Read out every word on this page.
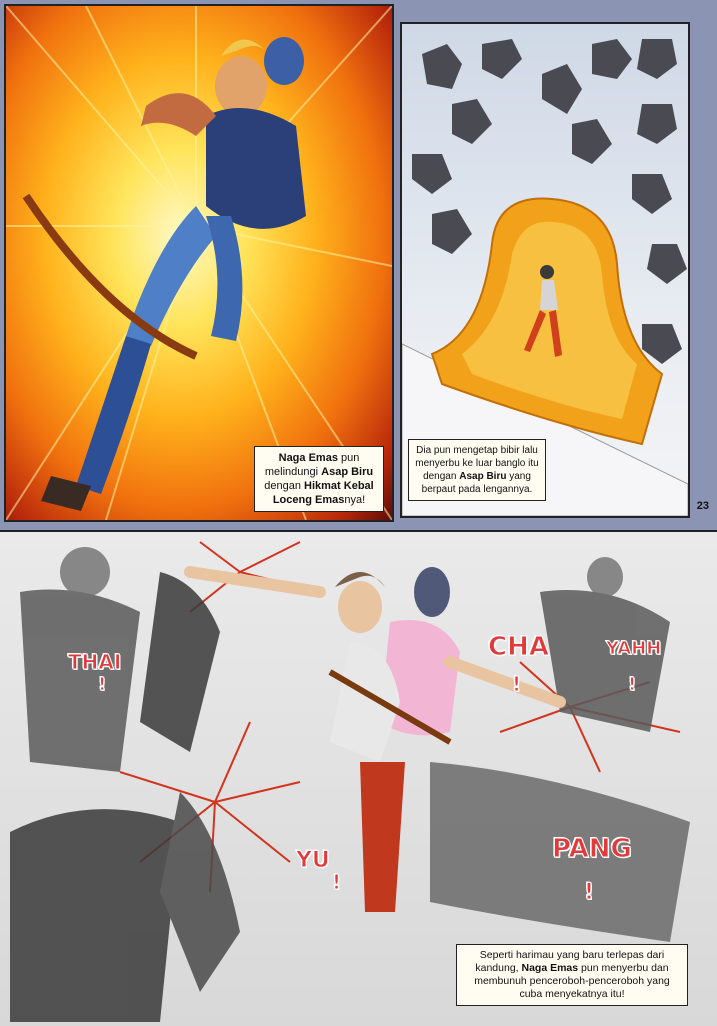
Naga Emas pun melindungi Asap Biru dengan Hikmat Kebal Loceng Emasnya!
Dia pun mengetap bibir lalu menyerbu ke luar banglo itu dengan Asap Biru yang berpaut pada lengannya.
23
THAI
!
CHA
!
YAHH
!
YU
!
PANG
!
Seperti harimau yang baru terlepas dari kandung, Naga Emas pun menyerbu dan membunuh penceroboh-penceroboh yang cuba menyekatnya itu!
